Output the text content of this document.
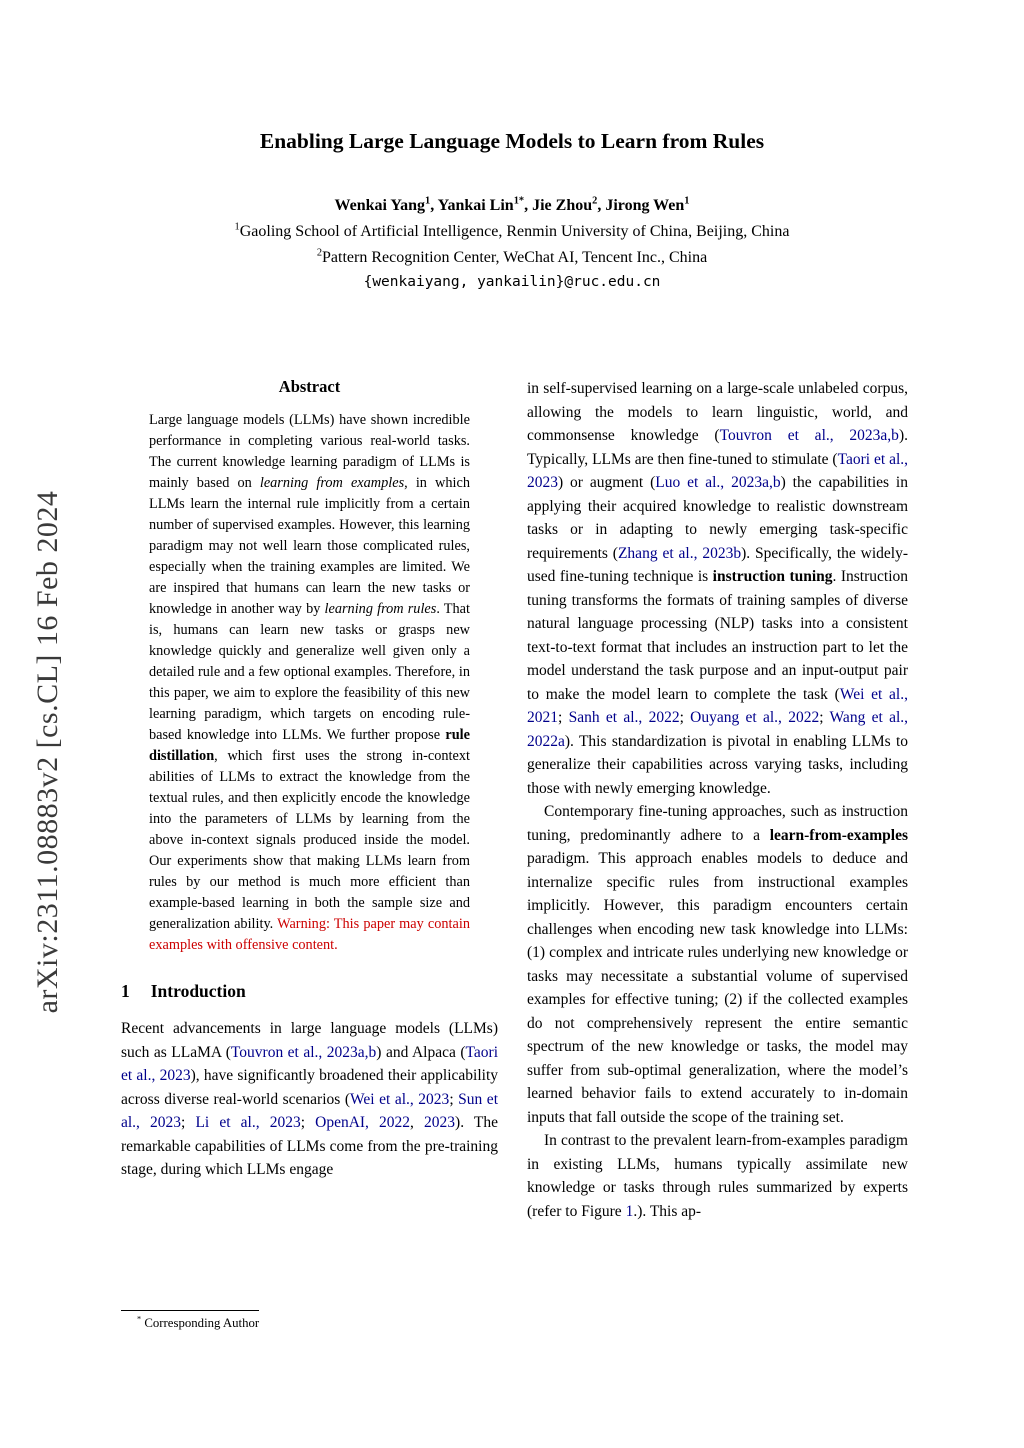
arXiv:2311.08883v2 [cs.CL] 16 Feb 2024
Enabling Large Language Models to Learn from Rules
Wenkai Yang$^1$, Yankai Lin$^{1*}$, Jie Zhou$^2$, Jirong Wen$^1$
$^1$Gaoling School of Artificial Intelligence, Renmin University of China, Beijing, China
$^2$Pattern Recognition Center, WeChat AI, Tencent Inc., China
{wenkaiyang, yankailin}@ruc.edu.cn
Abstract
Large language models (LLMs) have shown incredible performance in completing various real-world tasks. The current knowledge learning paradigm of LLMs is mainly based on learning from examples, in which LLMs learn the internal rule implicitly from a certain number of supervised examples. However, this learning paradigm may not well learn those complicated rules, especially when the training examples are limited. We are inspired that humans can learn the new tasks or knowledge in another way by learning from rules. That is, humans can learn new tasks or grasps new knowledge quickly and generalize well given only a detailed rule and a few optional examples. Therefore, in this paper, we aim to explore the feasibility of this new learning paradigm, which targets on encoding rule-based knowledge into LLMs. We further propose rule distillation, which first uses the strong in-context abilities of LLMs to extract the knowledge from the textual rules, and then explicitly encode the knowledge into the parameters of LLMs by learning from the above in-context signals produced inside the model. Our experiments show that making LLMs learn from rules by our method is much more efficient than example-based learning in both the sample size and generalization ability. Warning: This paper may contain examples with offensive content.
1 Introduction

Recent advancements in large language models (LLMs) such as LLaMA (Touvron et al., 2023a,b) and Alpaca (Taori et al., 2023), have significantly broadened their applicability across diverse real-world scenarios (Wei et al., 2023; Sun et al., 2023; Li et al., 2023; OpenAI, 2022, 2023). The remarkable capabilities of LLMs come from the pre-training stage, during which LLMs engage

in self-supervised learning on a large-scale unlabeled corpus, allowing the models to learn linguistic, world, and commonsense knowledge (Touvron et al., 2023a,b). Typically, LLMs are then fine-tuned to stimulate (Taori et al., 2023) or augment (Luo et al., 2023a,b) the capabilities in applying their acquired knowledge to realistic downstream tasks or in adapting to newly emerging task-specific requirements (Zhang et al., 2023b). Specifically, the widely-used fine-tuning technique is instruction tuning. Instruction tuning transforms the formats of training samples of diverse natural language processing (NLP) tasks into a consistent text-to-text format that includes an instruction part to let the model understand the task purpose and an input-output pair to make the model learn to complete the task (Wei et al., 2021; Sanh et al., 2022; Ouyang et al., 2022; Wang et al., 2022a). This standardization is pivotal in enabling LLMs to generalize their capabilities across varying tasks, including those with newly emerging knowledge.

Contemporary fine-tuning approaches, such as instruction tuning, predominantly adhere to a learn-from-examples paradigm. This approach enables models to deduce and internalize specific rules from instructional examples implicitly. However, this paradigm encounters certain challenges when encoding new task knowledge into LLMs: (1) complex and intricate rules underlying new knowledge or tasks may necessitate a substantial volume of supervised examples for effective tuning; (2) if the collected examples do not comprehensively represent the entire semantic spectrum of the new knowledge or tasks, the model may suffer from sub-optimal generalization, where the model’s learned behavior fails to extend accurately to in-domain inputs that fall outside the scope of the training set.

In contrast to the prevalent learn-from-examples paradigm in existing LLMs, humans typically assimilate new knowledge or tasks through rules summarized by experts (refer to Figure 1.). This ap-

* Corresponding Author
